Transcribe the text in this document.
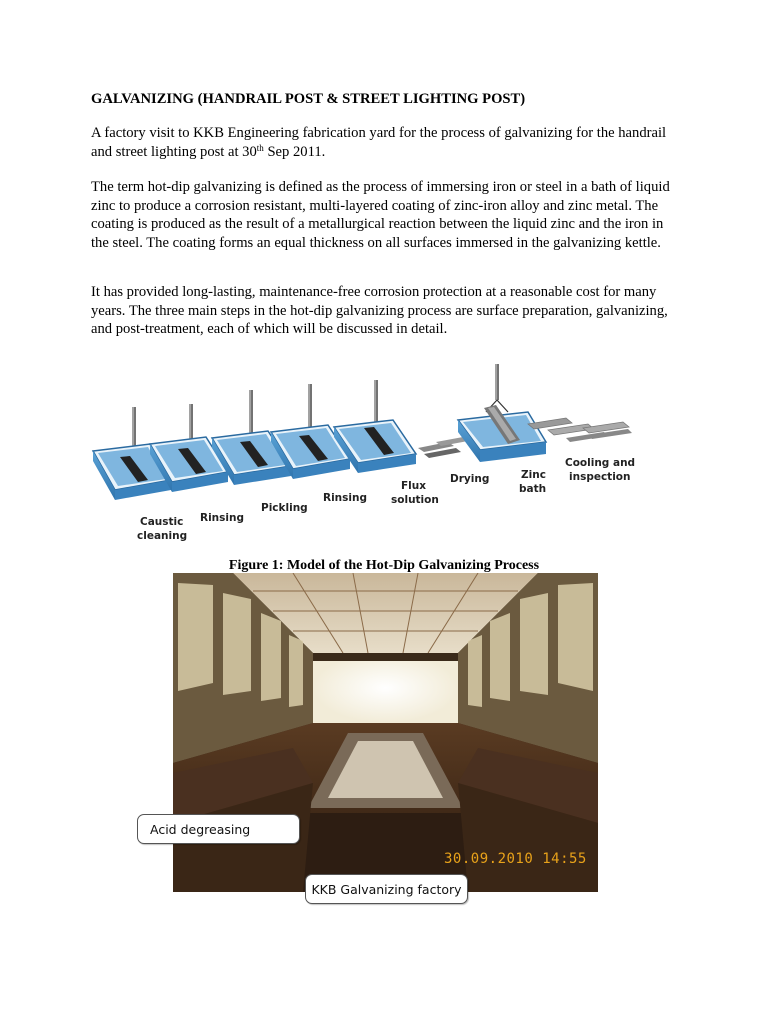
GALVANIZING (HANDRAIL POST & STREET LIGHTING POST)
A factory visit to KKB Engineering fabrication yard for the process of galvanizing for the handrail and street lighting post at 30th Sep 2011.
The term hot-dip galvanizing is defined as the process of immersing iron or steel in a bath of liquid zinc to produce a corrosion resistant, multi-layered coating of zinc-iron alloy and zinc metal. The coating is produced as the result of a metallurgical reaction between the liquid zinc and the iron in the steel. The coating forms an equal thickness on all surfaces immersed in the galvanizing kettle.
It has provided long-lasting, maintenance-free corrosion protection at a reasonable cost for many years. The three main steps in the hot-dip galvanizing process are surface preparation, galvanizing, and post-treatment, each of which will be discussed in detail.
Caustic
cleaning
Rinsing
Pickling
Rinsing
Flux
solution
Drying	Zinc
bath
Cooling and
inspection
Figure 1: Model of the Hot-Dip Galvanizing Process
Acid degreasing
30.09.2010 14:55
KKB Galvanizing factory
